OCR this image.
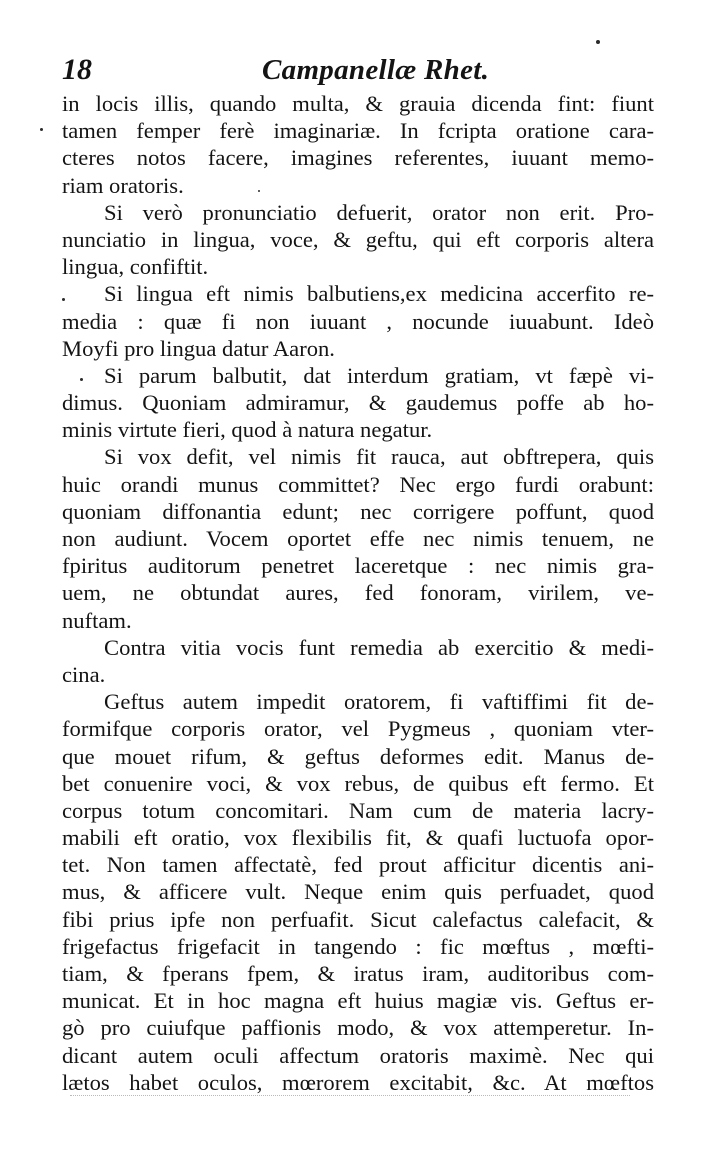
18	Campanellæ Rhet.
in locis illis, quando multa, & grauia dicenda fint: fiunt
tamen femper ferè imaginariæ. In fcripta oratione cara-
cteres notos facere, imagines referentes, iuuant memo-
riam oratoris.
Si verò pronunciatio defuerit, orator non erit. Pro-
nunciatio in lingua, voce, & geftu, qui eft corporis altera
lingua, confiftit.
Si lingua eft nimis balbutiens,ex medicina accerfito re-
media : quæ fi non iuuant , nocunde iuuabunt. Ideò
Moyfi pro lingua datur Aaron.
Si parum balbutit, dat interdum gratiam, vt fæpè vi-
dimus. Quoniam admiramur, & gaudemus poffe ab ho-
minis virtute fieri, quod à natura negatur.
Si vox defit, vel nimis fit rauca, aut obftrepera, quis
huic orandi munus committet? Nec ergo furdi orabunt:
quoniam diffonantia edunt; nec corrigere poffunt, quod
non audiunt. Vocem oportet effe nec nimis tenuem, ne
fpiritus auditorum penetret laceretque : nec nimis gra-
uem, ne obtundat aures, fed fonoram, virilem, ve-
nuftam.
Contra vitia vocis funt remedia ab exercitio & medi-
cina.
Geftus autem impedit oratorem, fi vaftiffimi fit de-
formifque corporis orator, vel Pygmeus , quoniam vter-
que mouet rifum, & geftus deformes edit. Manus de-
bet conuenire voci, & vox rebus, de quibus eft fermo. Et
corpus totum concomitari. Nam cum de materia lacry-
mabili eft oratio, vox flexibilis fit, & quafi luctuofa opor-
tet. Non tamen affectatè, fed prout afficitur dicentis ani-
mus, & afficere vult. Neque enim quis perfuadet, quod
fibi prius ipfe non perfuafit. Sicut calefactus calefacit, &
frigefactus frigefacit in tangendo : fic mœftus , mœfti-
tiam, & fperans fpem, & iratus iram, auditoribus com-
municat. Et in hoc magna eft huius magiæ vis. Geftus er-
gò pro cuiufque paffionis modo, & vox attemperetur. In-
dicant autem oculi affectum oratoris maximè. Nec qui
lætos habet oculos, mœrorem excitabit, &c. At mœftos
